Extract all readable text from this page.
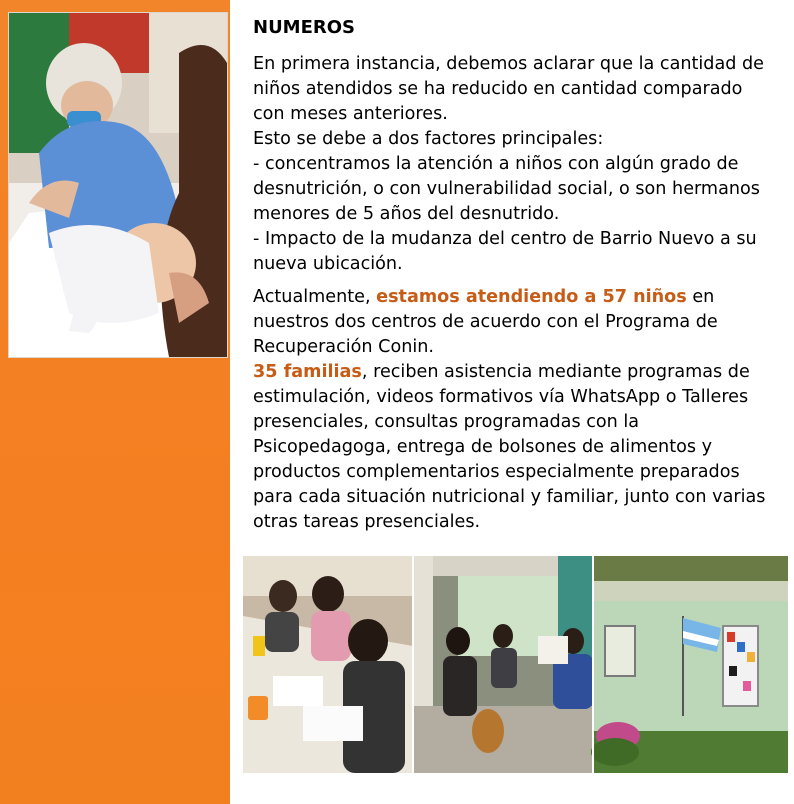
NUMEROS

En primera instancia, debemos aclarar que la cantidad de niños atendidos se ha reducido en cantidad comparado con meses anteriores.

Esto se debe a dos factores principales:

- concentramos la atención a niños con algún grado de desnutrición, o con vulnerabilidad social, o son hermanos menores de 5 años del desnutrido.

- Impacto de la mudanza del centro de Barrio Nuevo a su nueva ubicación.

Actualmente, estamos atendiendo a 57 niños en nuestros dos centros de acuerdo con el Programa de Recuperación Conin.

35 familias, reciben asistencia mediante programas de estimulación, videos formativos vía WhatsApp o Talleres presenciales, consultas programadas con la Psicopedagoga, entrega de bolsones de alimentos y productos complementarios especialmente preparados para cada situación nutricional y familiar, junto con varias otras tareas presenciales.
